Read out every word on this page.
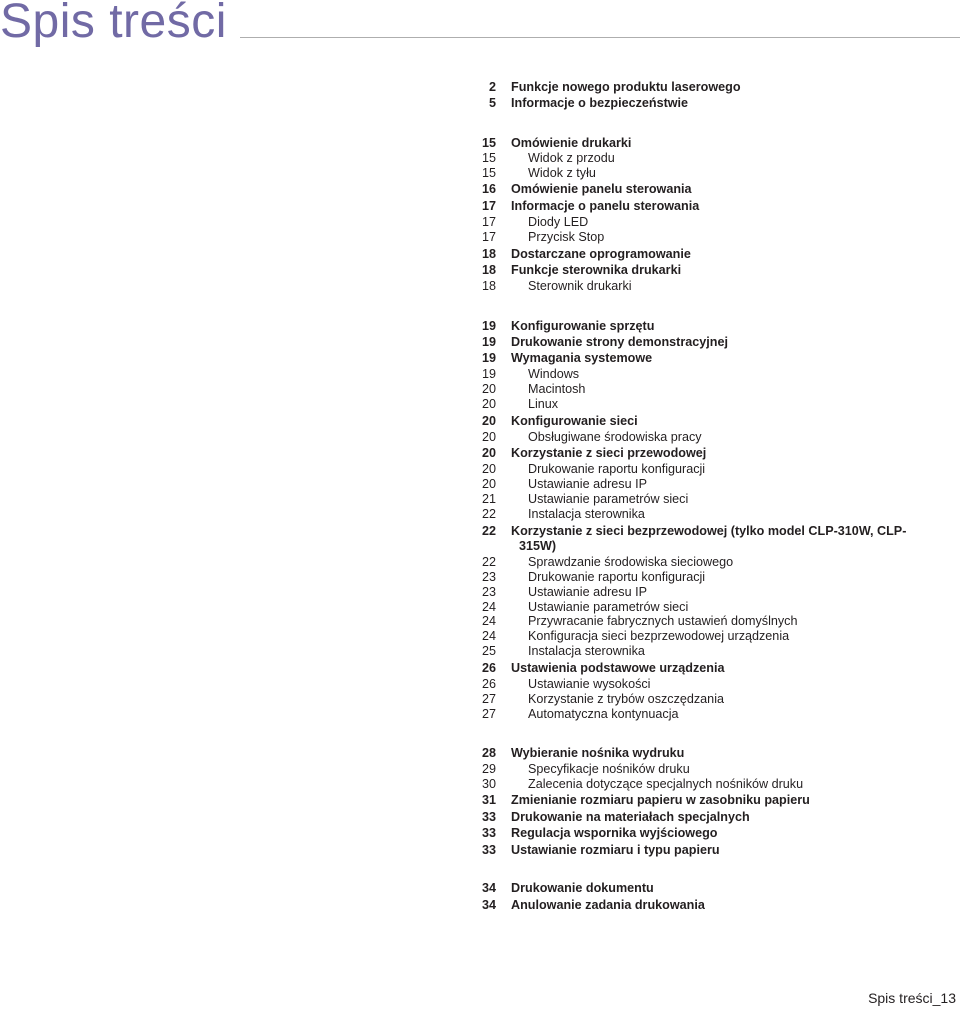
Spis treści
2 Funkcje nowego produktu laserowego
5 Informacje o bezpieczeństwie
15 Omówienie drukarki
15	Widok z przodu
15	Widok z tyłu
16 Omówienie panelu sterowania
17 Informacje o panelu sterowania
17	Diody LED
17	Przycisk Stop
18 Dostarczane oprogramowanie
18 Funkcje sterownika drukarki
18	Sterownik drukarki
19 Konfigurowanie sprzętu
19 Drukowanie strony demonstracyjnej
19 Wymagania systemowe
19	Windows
20	Macintosh
20	Linux
20 Konfigurowanie sieci
20	Obsługiwane środowiska pracy
20 Korzystanie z sieci przewodowej
20	Drukowanie raportu konfiguracji
20	Ustawianie adresu IP
21	Ustawianie parametrów sieci
22	Instalacja sterownika
22 Korzystanie z sieci bezprzewodowej (tylko model CLP-310W, CLP-
315W)
22	Sprawdzanie środowiska sieciowego
23	Drukowanie raportu konfiguracji
23	Ustawianie adresu IP
24	Ustawianie parametrów sieci
24	Przywracanie fabrycznych ustawień domyślnych
24	Konfiguracja sieci bezprzewodowej urządzenia
25	Instalacja sterownika
26 Ustawienia podstawowe urządzenia
26	Ustawianie wysokości
27	Korzystanie z trybów oszczędzania
27	Automatyczna kontynuacja
28 Wybieranie nośnika wydruku
29	Specyfikacje nośników druku
30	Zalecenia dotyczące specjalnych nośników druku
31 Zmienianie rozmiaru papieru w zasobniku papieru
33 Drukowanie na materiałach specjalnych
33 Regulacja wspornika wyjściowego
33 Ustawianie rozmiaru i typu papieru
34 Drukowanie dokumentu
34 Anulowanie zadania drukowania
Spis treści_13
